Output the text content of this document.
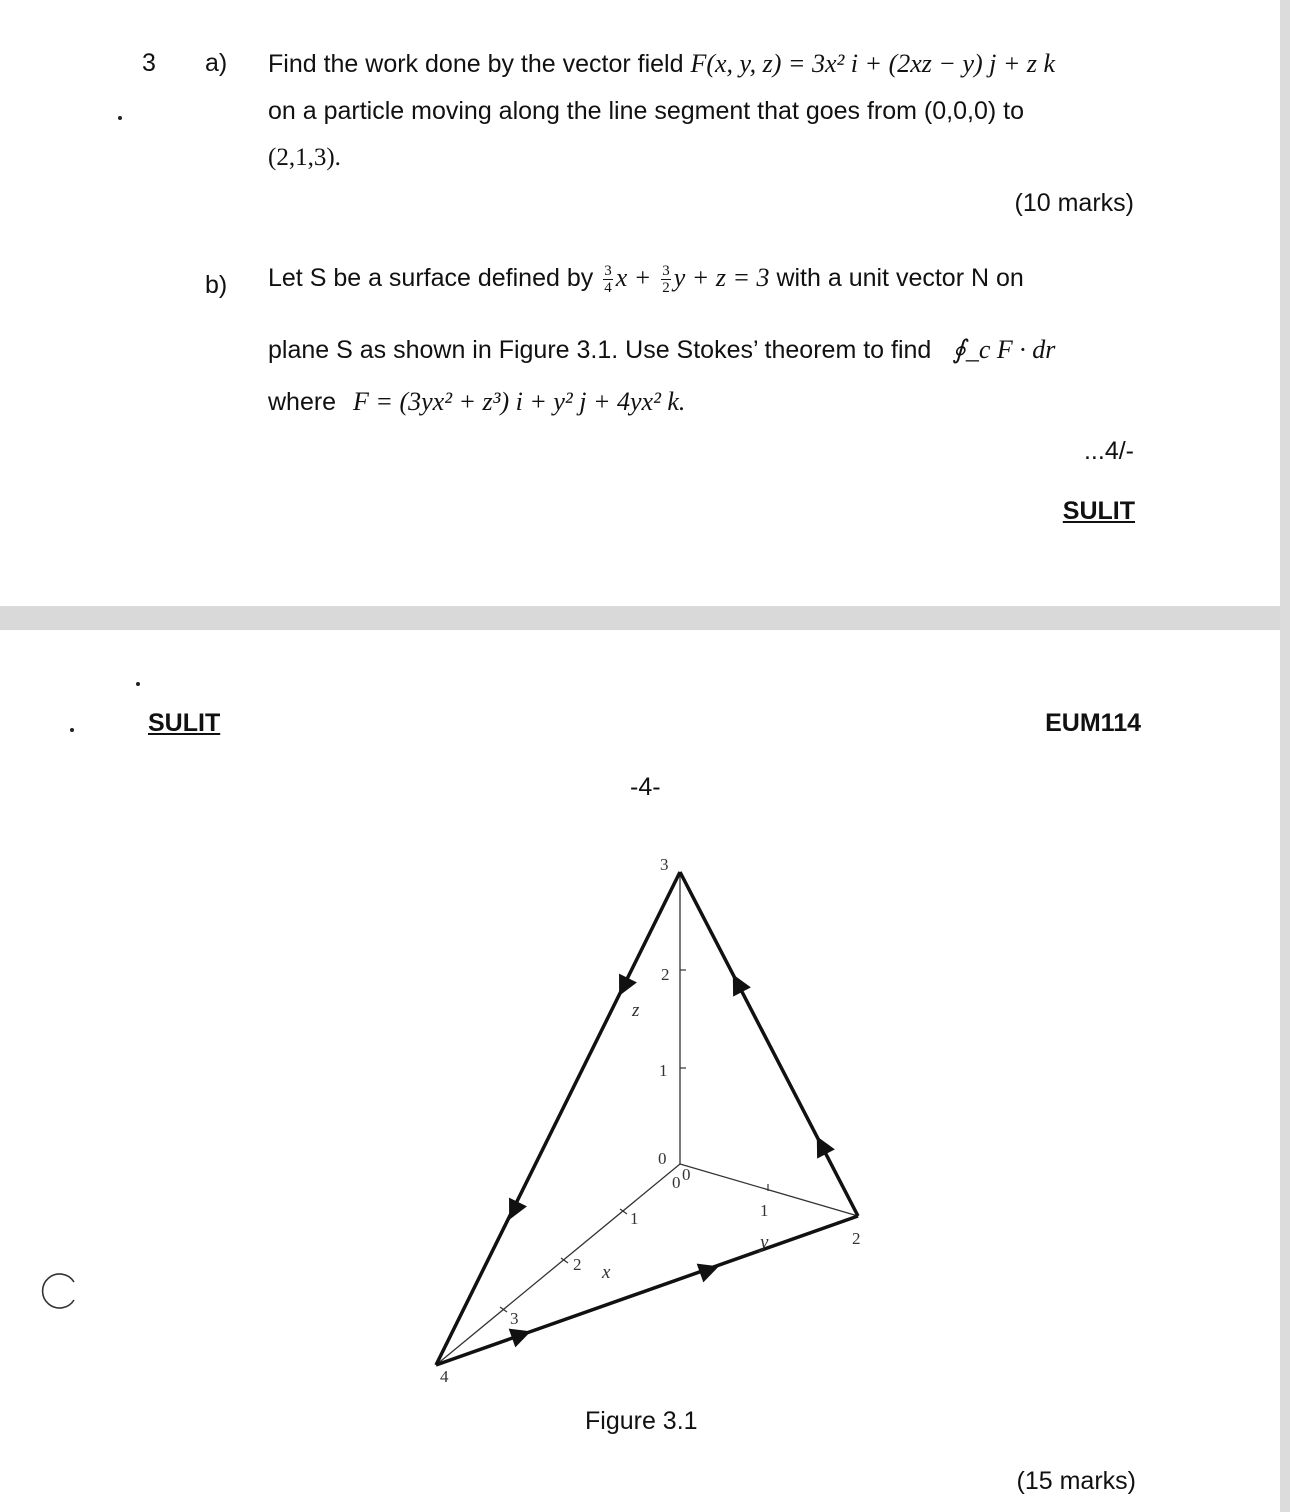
3 a) Find the work done by the vector field F(x, y, z) = 3x² i + (2xz − y) j + z k
on a particle moving along the line segment that goes from (0,0,0) to
(2,1,3).
(10 marks)
b) Let S be a surface defined by $\frac{3}{4}$ $x + \frac{3}{2}$ y + z = 3 with a unit vector N on
plane S as shown in Figure 3.1. Use Stokes’ theorem to find ∮_c F · dr
where F = (3yx² + z³) i + y² j + 4yx² k.
...4/-
SULIT
SULIT	EUM114
-4-
3
2
1
0
0 0
1
2
1
2
3
4
z
y
x
Figure 3.1
(15 marks)
